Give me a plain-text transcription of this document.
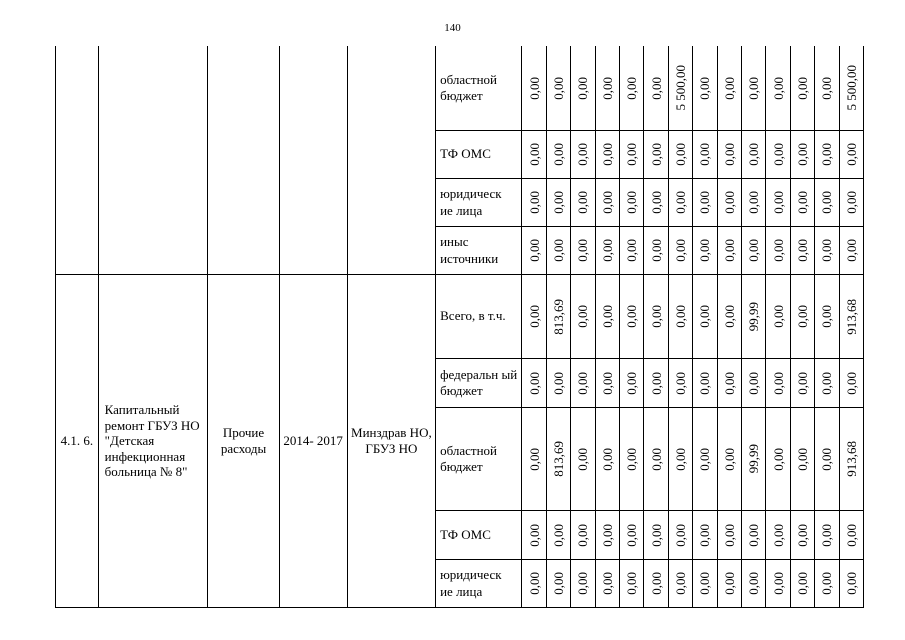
140
					областной бюджет	0,00	0,00	0,00	0,00	0,00	0,00	5 500,00	0,00	0,00	0,00	0,00	0,00	0,00	5 500,00

					ТФ ОМС	0,00	0,00	0,00	0,00	0,00	0,00	0,00	0,00	0,00	0,00	0,00	0,00	0,00	0,00

					юридическ ие лица	0,00	0,00	0,00	0,00	0,00	0,00	0,00	0,00	0,00	0,00	0,00	0,00	0,00	0,00

					иныс источники	0,00	0,00	0,00	0,00	0,00	0,00	0,00	0,00	0,00	0,00	0,00	0,00	0,00	0,00

4.1. 6.	Капитальный ремонт ГБУЗ НО "Детская инфекционная больница № 8"	Прочие расходы	2014- 2017	Минздрав НО, ГБУЗ НО	Всего, в т.ч.	0,00	813,69	0,00	0,00	0,00	0,00	0,00	0,00	0,00	99,99	0,00	0,00	0,00	913,68

					федеральн ый бюджет	0,00	0,00	0,00	0,00	0,00	0,00	0,00	0,00	0,00	0,00	0,00	0,00	0,00	0,00

					областной бюджет	0,00	813,69	0,00	0,00	0,00	0,00	0,00	0,00	0,00	99,99	0,00	0,00	0,00	913,68

					ТФ ОМС	0,00	0,00	0,00	0,00	0,00	0,00	0,00	0,00	0,00	0,00	0,00	0,00	0,00	0,00

					юридическ ие лица	0,00	0,00	0,00	0,00	0,00	0,00	0,00	0,00	0,00	0,00	0,00	0,00	0,00	0,00
